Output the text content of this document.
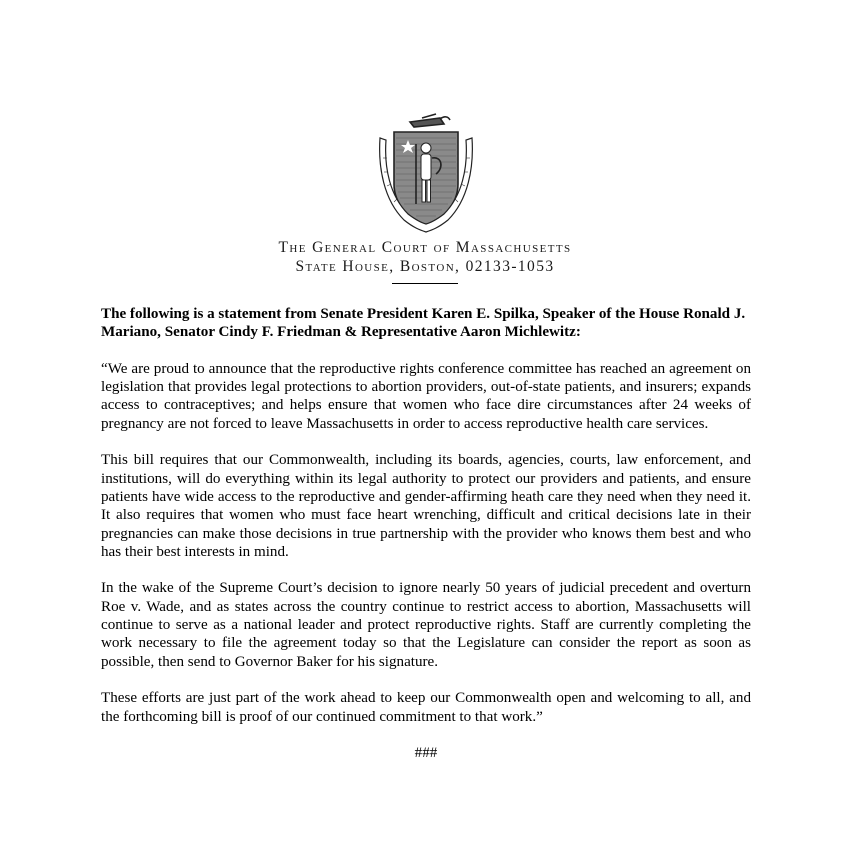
The General Court of Massachusetts
State House, Boston, 02133-1053

The following is a statement from Senate President Karen E. Spilka, Speaker of the House Ronald J. Mariano, Senator Cindy F. Friedman & Representative Aaron Michlewitz:

“We are proud to announce that the reproductive rights conference committee has reached an agreement on legislation that provides legal protections to abortion providers, out-of-state patients, and insurers; expands access to contraceptives; and helps ensure that women who face dire circumstances after 24 weeks of pregnancy are not forced to leave Massachusetts in order to access reproductive health care services.

This bill requires that our Commonwealth, including its boards, agencies, courts, law enforcement, and institutions, will do everything within its legal authority to protect our providers and patients, and ensure patients have wide access to the reproductive and gender-affirming heath care they need when they need it. It also requires that women who must face heart wrenching, difficult and critical decisions late in their pregnancies can make those decisions in true partnership with the provider who knows them best and who has their best interests in mind.

In the wake of the Supreme Court’s decision to ignore nearly 50 years of judicial precedent and overturn Roe v. Wade, and as states across the country continue to restrict access to abortion, Massachusetts will continue to serve as a national leader and protect reproductive rights. Staff are currently completing the work necessary to file the agreement today so that the Legislature can consider the report as soon as possible, then send to Governor Baker for his signature.

These efforts are just part of the work ahead to keep our Commonwealth open and welcoming to all, and the forthcoming bill is proof of our continued commitment to that work.”

###
